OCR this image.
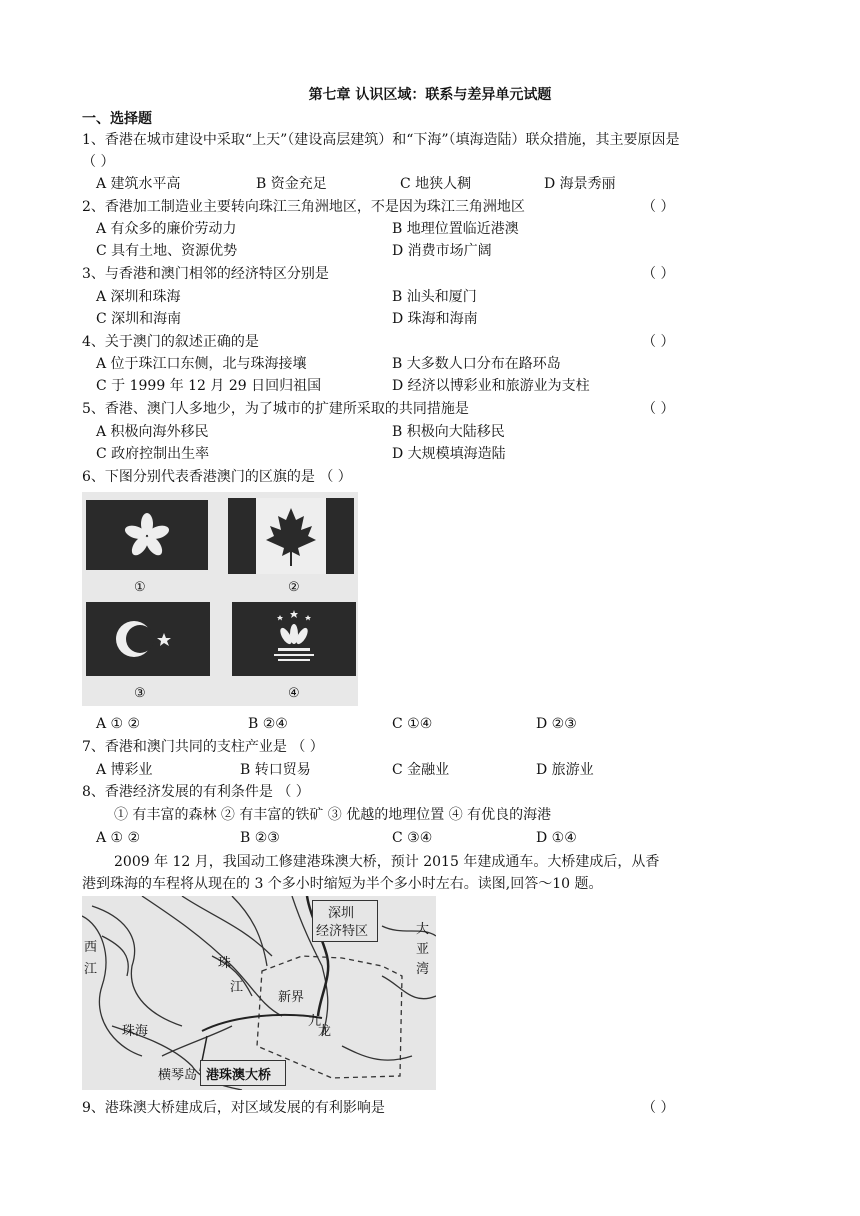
第七章 认识区域：联系与差异单元试题
一、选择题
1、香港在城市建设中采取“上天”（建设高层建筑）和“下海”（填海造陆）联众措施，其主要原因是
（ ）
A 建筑水平高	B 资金充足	C 地狭人稠	D 海景秀丽
2、香港加工制造业主要转向珠江三角洲地区，不是因为珠江三角洲地区	（ ）
A 有众多的廉价劳动力	B 地理位置临近港澳
C 具有土地、资源优势	D 消费市场广阔
3、与香港和澳门相邻的经济特区分别是	（ ）
A 深圳和珠海	B 汕头和厦门
C 深圳和海南	D 珠海和海南
4、关于澳门的叙述正确的是	（ ）
A 位于珠江口东侧，北与珠海接壤	B 大多数人口分布在路环岛
C 于 1999 年 12 月 29 日回归祖国	D 经济以博彩业和旅游业为支柱
5、香港、澳门人多地少，为了城市的扩建所采取的共同措施是	（ ）
A 积极向海外移民	B 积极向大陆移民
C 政府控制出生率	D 大规模填海造陆
6、下图分别代表香港澳门的区旗的是 （ ）
①	②
③	④
A ① ②	B ②④	C ①④	D ②③
7、香港和澳门共同的支柱产业是 （ ）
A 博彩业	B 转口贸易	C 金融业	D 旅游业
8、香港经济发展的有利条件是 （ ）
① 有丰富的森林 ② 有丰富的铁矿 ③ 优越的地理位置 ④ 有优良的海港
A ① ②	B ②③	C ③④	D ①④
2009 年 12 月，我国动工修建港珠澳大桥，预计 2015 年建成通车。大桥建成后，从香
港到珠海的车程将从现在的 3 个多小时缩短为半个多小时左右。读图,回答～10 题。
深圳
经济特区
西
江	珠
江
新界
九
龙
珠海
横琴岛
大
亚
湾
港珠澳大桥
9、港珠澳大桥建成后，对区域发展的有利影响是	（ ）
